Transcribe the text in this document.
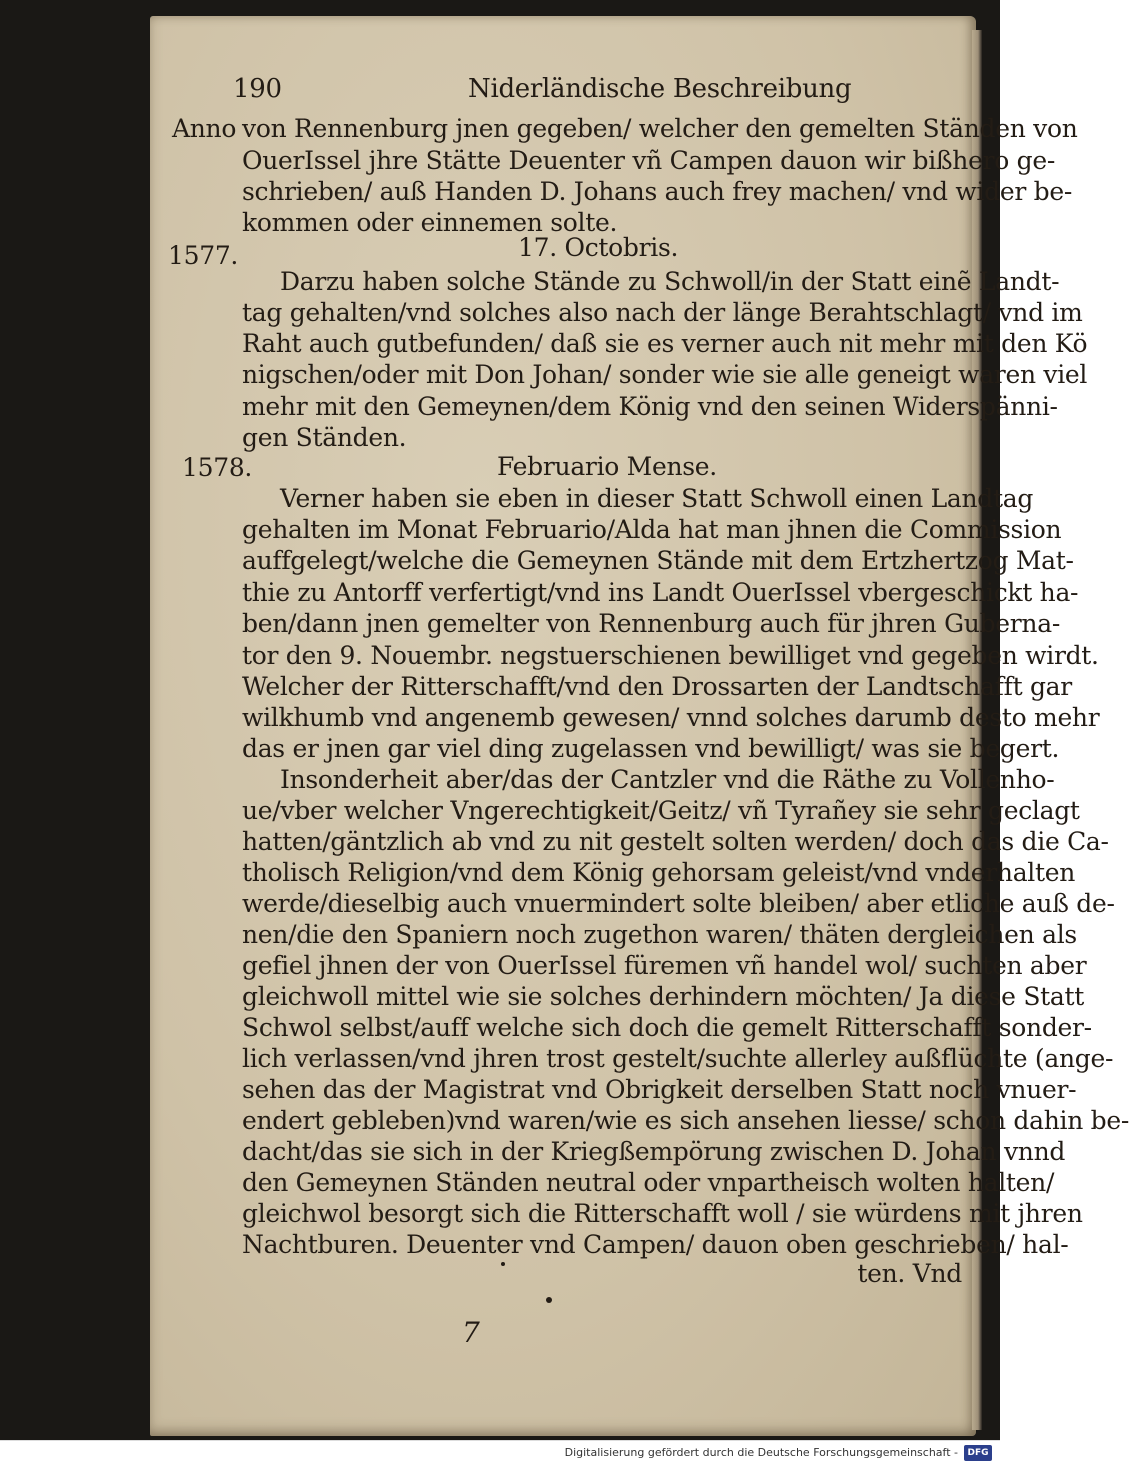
190	Niderländische Beschreibung
Anno
1577.
1578.
von Rennenburg jnen gegeben/ welcher den gemelten Ständen von
OuerIssel jhre Stätte Deuenter vñ Campen dauon wir bißhero ge-
schrieben/ auß Handen D. Johans auch frey machen/ vnd wider be-
kommen oder einnemen solte.
17. Octobris.
Darzu haben solche Stände zu Schwoll/in der Statt einẽ Landt-
tag gehalten/vnd solches also nach der länge Berahtschlagt/ vnd im
Raht auch gutbefunden/ daß sie es verner auch nit mehr mit den Kö
nigschen/oder mit Don Johan/ sonder wie sie alle geneigt waren viel
mehr mit den Gemeynen/dem König vnd den seinen Widerspänni-
gen Ständen.
Februario Mense.
Verner haben sie eben in dieser Statt Schwoll einen Landtag
gehalten im Monat Februario/Alda hat man jhnen die Commission
auffgelegt/welche die Gemeynen Stände mit dem Ertzhertzog Mat-
thie zu Antorff verfertigt/vnd ins Landt OuerIssel vbergeschickt ha-
ben/dann jnen gemelter von Rennenburg auch für jhren Guberna-
tor den 9. Nouembr. negstuerschienen bewilliget vnd gegeben wirdt.
Welcher der Ritterschafft/vnd den Drossarten der Landtschafft gar
wilkhumb vnd angenemb gewesen/ vnnd solches darumb desto mehr
das er jnen gar viel ding zugelassen vnd bewilligt/ was sie begert.
Insonderheit aber/das der Cantzler vnd die Räthe zu Vollenho-
ue/vber welcher Vngerechtigkeit/Geitz/ vñ Tyrañey sie sehr geclagt
hatten/gäntzlich ab vnd zu nit gestelt solten werden/ doch das die Ca-
tholisch Religion/vnd dem König gehorsam geleist/vnd vnderhalten
werde/dieselbig auch vnuermindert solte bleiben/ aber etliche auß de-
nen/die den Spaniern noch zugethon waren/ thäten dergleichen als
gefiel jhnen der von OuerIssel füremen vñ handel wol/ suchten aber
gleichwoll mittel wie sie solches derhindern möchten/ Ja diese Statt
Schwol selbst/auff welche sich doch die gemelt Ritterschafft sonder-
lich verlassen/vnd jhren trost gestelt/suchte allerley außflüchte (ange-
sehen das der Magistrat vnd Obrigkeit derselben Statt noch vnuer-
endert gebleben)vnd waren/wie es sich ansehen liesse/ schon dahin be-
dacht/das sie sich in der Kriegßempörung zwischen D. Johan vnnd
den Gemeynen Ständen neutral oder vnpartheisch wolten halten/
gleichwol besorgt sich die Ritterschafft woll / sie würdens mit jhren
Nachtburen. Deuenter vnd Campen/ dauon oben geschrieben/ hal-
ten. Vnd
7
Digitalisierung gefördert durch die Deutsche Forschungsgemeinschaft -	DFG
